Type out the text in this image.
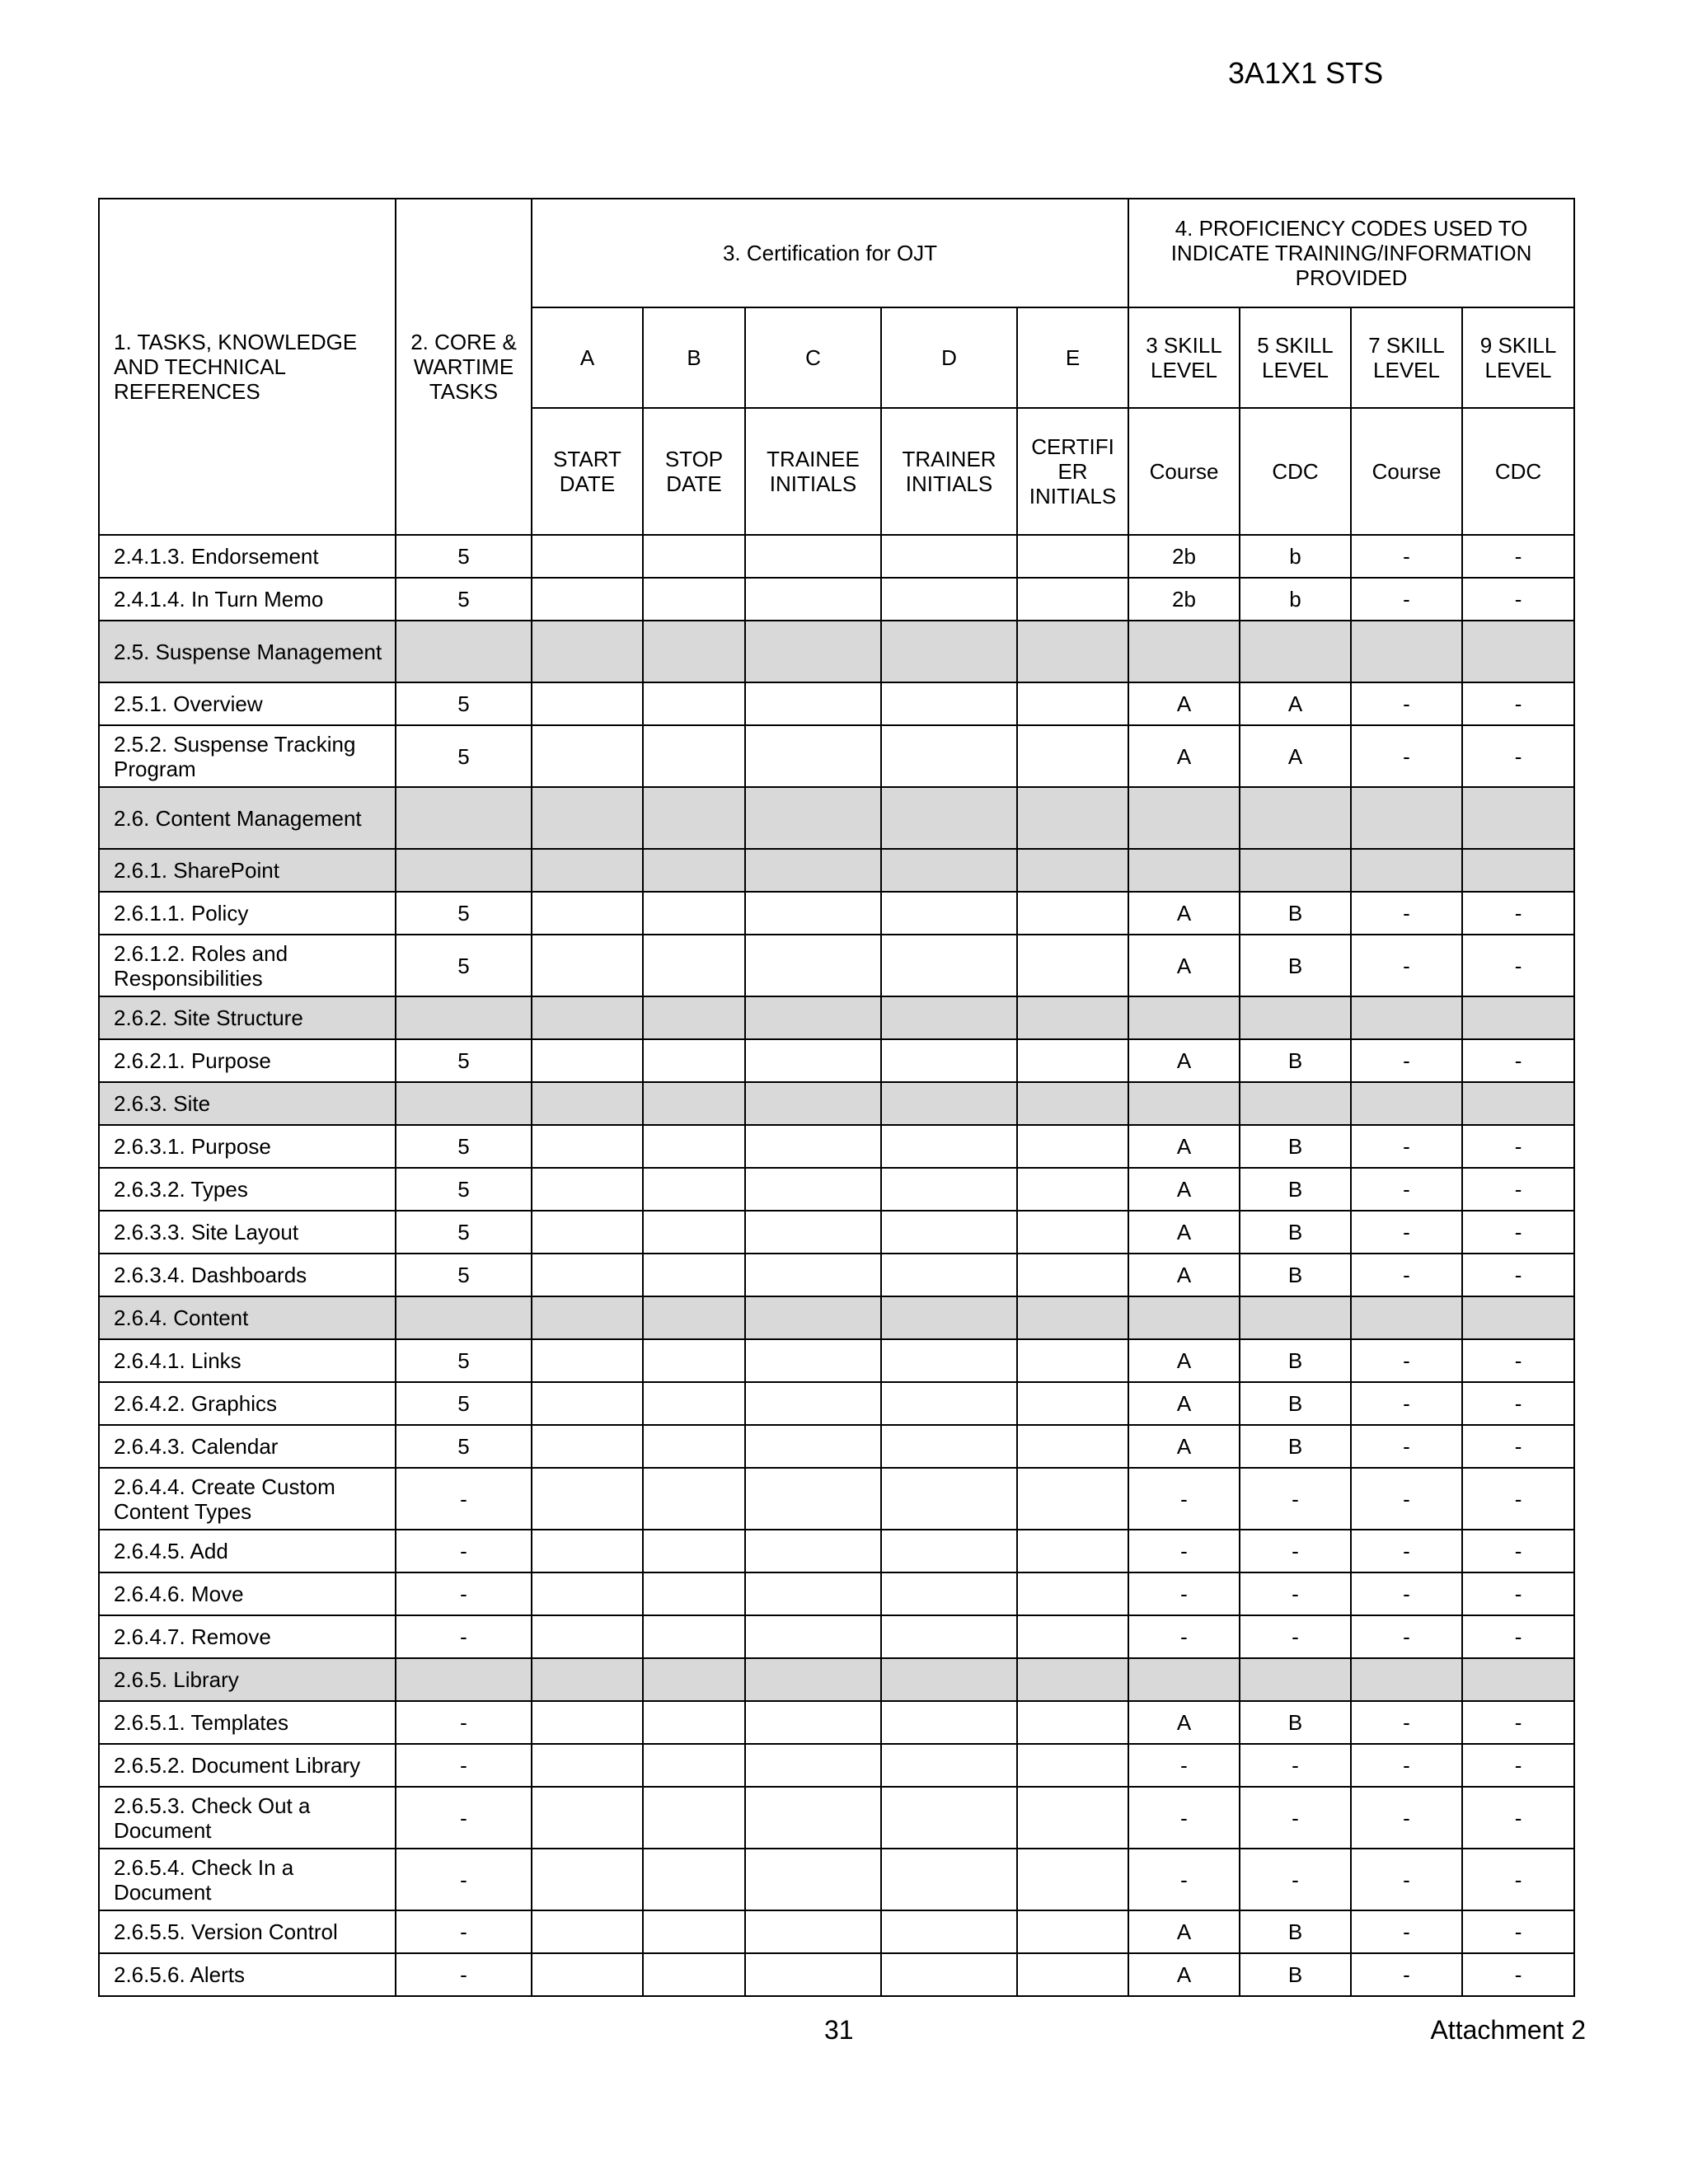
3A1X1 STS
1. TASKS, KNOWLEDGE AND TECHNICAL REFERENCES	2. CORE & WARTIME TASKS	3. Certification for OJT					4. PROFICIENCY CODES USED TO INDICATE TRAINING/INFORMATION PROVIDED			
		A	B	C	D	E	3 SKILL LEVEL	5 SKILL LEVEL	7 SKILL LEVEL	9 SKILL LEVEL
		START DATE	STOP DATE	TRAINEE INITIALS	TRAINER INITIALS	CERTIFI ER INITIALS	Course	CDC	Course	CDC
2.4.1.3. Endorsement	5						2b	b	-	-
2.4.1.4. In Turn Memo	5						2b	b	-	-
2.5. Suspense Management										
2.5.1. Overview	5						A	A	-	-
2.5.2. Suspense Tracking Program	5						A	A	-	-
2.6. Content Management										
2.6.1. SharePoint										
2.6.1.1. Policy	5						A	B	-	-
2.6.1.2. Roles and Responsibilities	5						A	B	-	-
2.6.2. Site Structure										
2.6.2.1. Purpose	5						A	B	-	-
2.6.3. Site										
2.6.3.1. Purpose	5						A	B	-	-
2.6.3.2. Types	5						A	B	-	-
2.6.3.3. Site Layout	5						A	B	-	-
2.6.3.4. Dashboards	5						A	B	-	-
2.6.4. Content										
2.6.4.1. Links	5						A	B	-	-
2.6.4.2. Graphics	5						A	B	-	-
2.6.4.3. Calendar	5						A	B	-	-
2.6.4.4. Create Custom Content Types	-						-	-	-	-
2.6.4.5. Add	-						-	-	-	-
2.6.4.6. Move	-						-	-	-	-
2.6.4.7. Remove	-						-	-	-	-
2.6.5. Library										
2.6.5.1. Templates	-						A	B	-	-
2.6.5.2. Document Library	-						-	-	-	-
2.6.5.3. Check Out a Document	-						-	-	-	-
2.6.5.4. Check In a Document	-						-	-	-	-
2.6.5.5. Version Control	-						A	B	-	-
2.6.5.6. Alerts	-						A	B	-	-
31	Attachment 2
